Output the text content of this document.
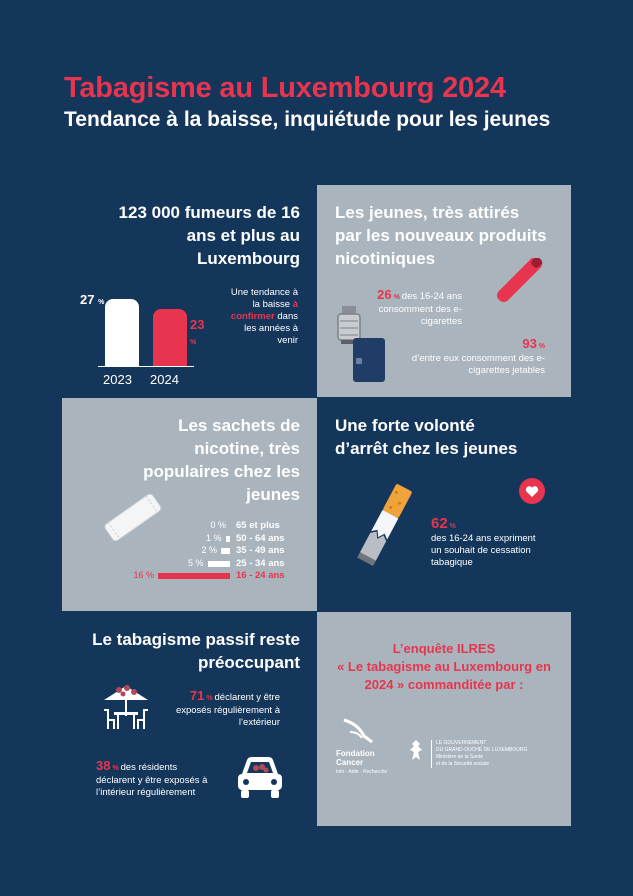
Tabagisme au Luxembourg 2024
Tendance à la baisse, inquiétude pour les jeunes
123 000 fumeurs de 16 ans et plus au Luxembourg
27 %
23 %
2023 2024
Une tendance à la baisse à confirmer dans les années à venir
Les jeunes, très attirés par les nouveaux produits nicotiniques
26 % des 16-24 ans consomment des e-cigarettes
93 %
d’entre eux consomment des e-cigarettes jetables
Les sachets de nicotine, très populaires chez les jeunes
0 % 65 et plus
1 % 50 - 64 ans
2 % 35 - 49 ans
5 %	25 - 34 ans
16 %	16 - 24 ans
Une forte volonté d’arrêt chez les jeunes
62 %
des 16-24 ans expriment un souhait de cessation tabagique
Le tabagisme passif reste préoccupant
71 % déclarent y être exposés régulièrement à l’extérieur
38 % des résidents déclarent y être exposés à l’intérieur régulièrement
L’enquête ILRES
« Le tabagisme au Luxembourg en 2024 » commanditée par :
Fondation
Cancer
Info · Aide · Recherche
LE GOUVERNEMENT
DU GRAND-DUCHÉ DE LUXEMBOURG
Ministère de la Santé
et de la Sécurité sociale
